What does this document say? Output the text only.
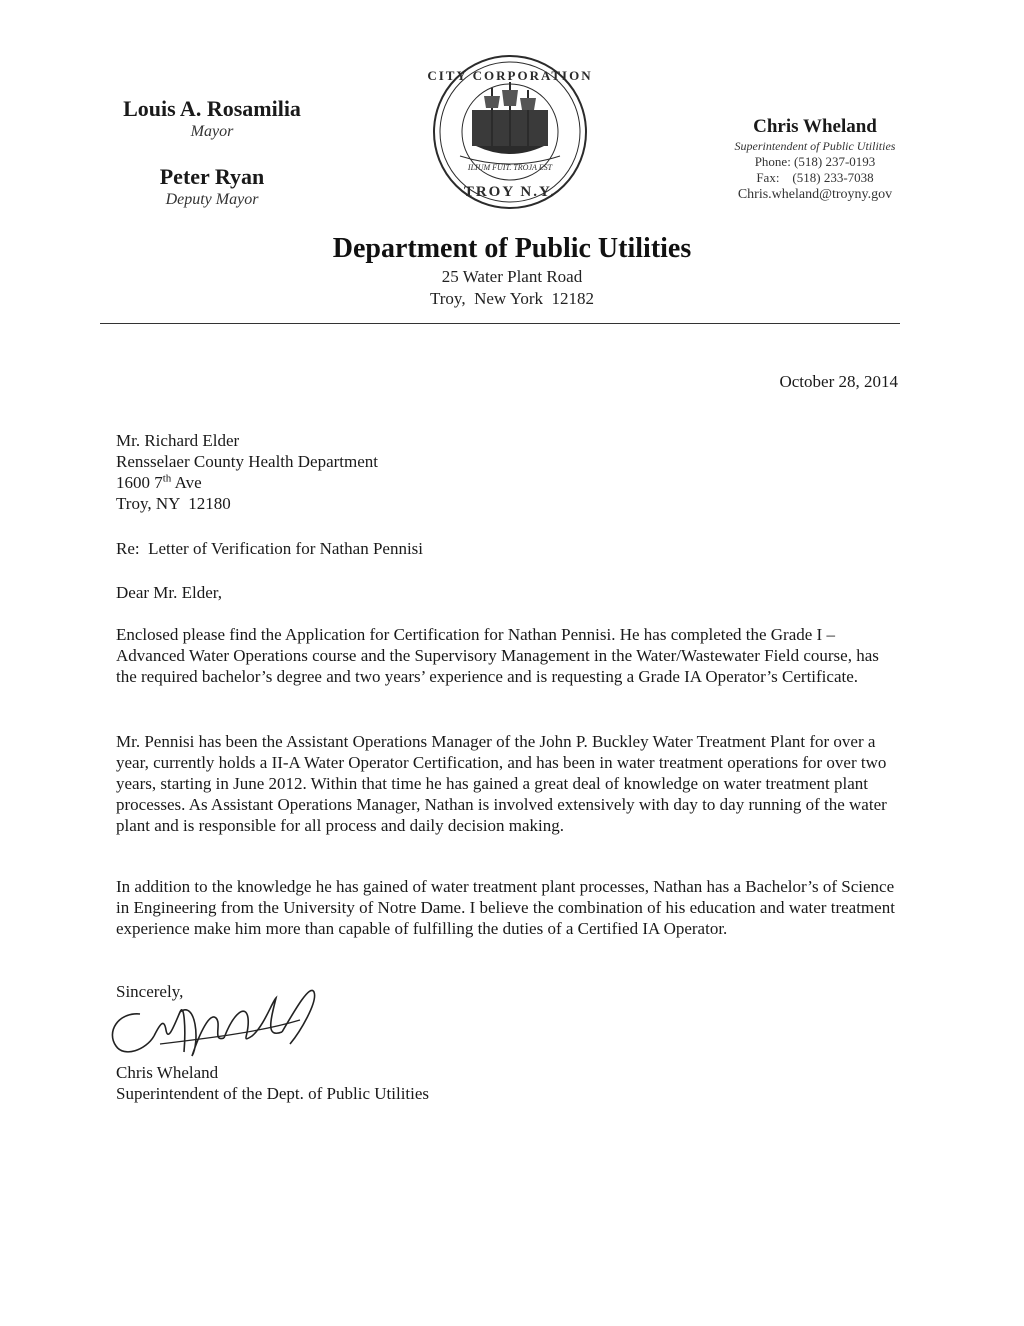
Louis A. Rosamilia
Mayor
Peter Ryan
Deputy Mayor
CITY CORPORATION
ILIUM FUIT. TROJA EST
TROY N.Y.
Chris Wheland
Superintendent of Public Utilities
Phone: (518) 237-0193
Fax:    (518) 233-7038
Chris.wheland@troyny.gov
Department of Public Utilities
25 Water Plant Road
Troy,  New York  12182
October 28, 2014
Mr. Richard Elder
Rensselaer County Health Department
1600 7th Ave
Troy, NY  12180
Re:  Letter of Verification for Nathan Pennisi
Dear Mr. Elder,

Enclosed please find the Application for Certification for Nathan Pennisi. He has completed the Grade I – Advanced Water Operations course and the Supervisory Management in the Water/Wastewater Field course, has the required bachelor’s degree and two years’ experience and is requesting a Grade IA Operator’s Certificate.

Mr. Pennisi has been the Assistant Operations Manager of the John P. Buckley Water Treatment Plant for over a year, currently holds a II-A Water Operator Certification, and has been in water treatment operations for over two years, starting in June 2012. Within that time he has gained a great deal of knowledge on water treatment plant processes. As Assistant Operations Manager, Nathan is involved extensively with day to day running of the water plant and is responsible for all process and daily decision making.

In addition to the knowledge he has gained of water treatment plant processes, Nathan has a Bachelor’s of Science in Engineering from the University of Notre Dame. I believe the combination of his education and water treatment experience make him more than capable of fulfilling the duties of a Certified IA Operator.

Sincerely,
Chris Wheland
Superintendent of the Dept. of Public Utilities
